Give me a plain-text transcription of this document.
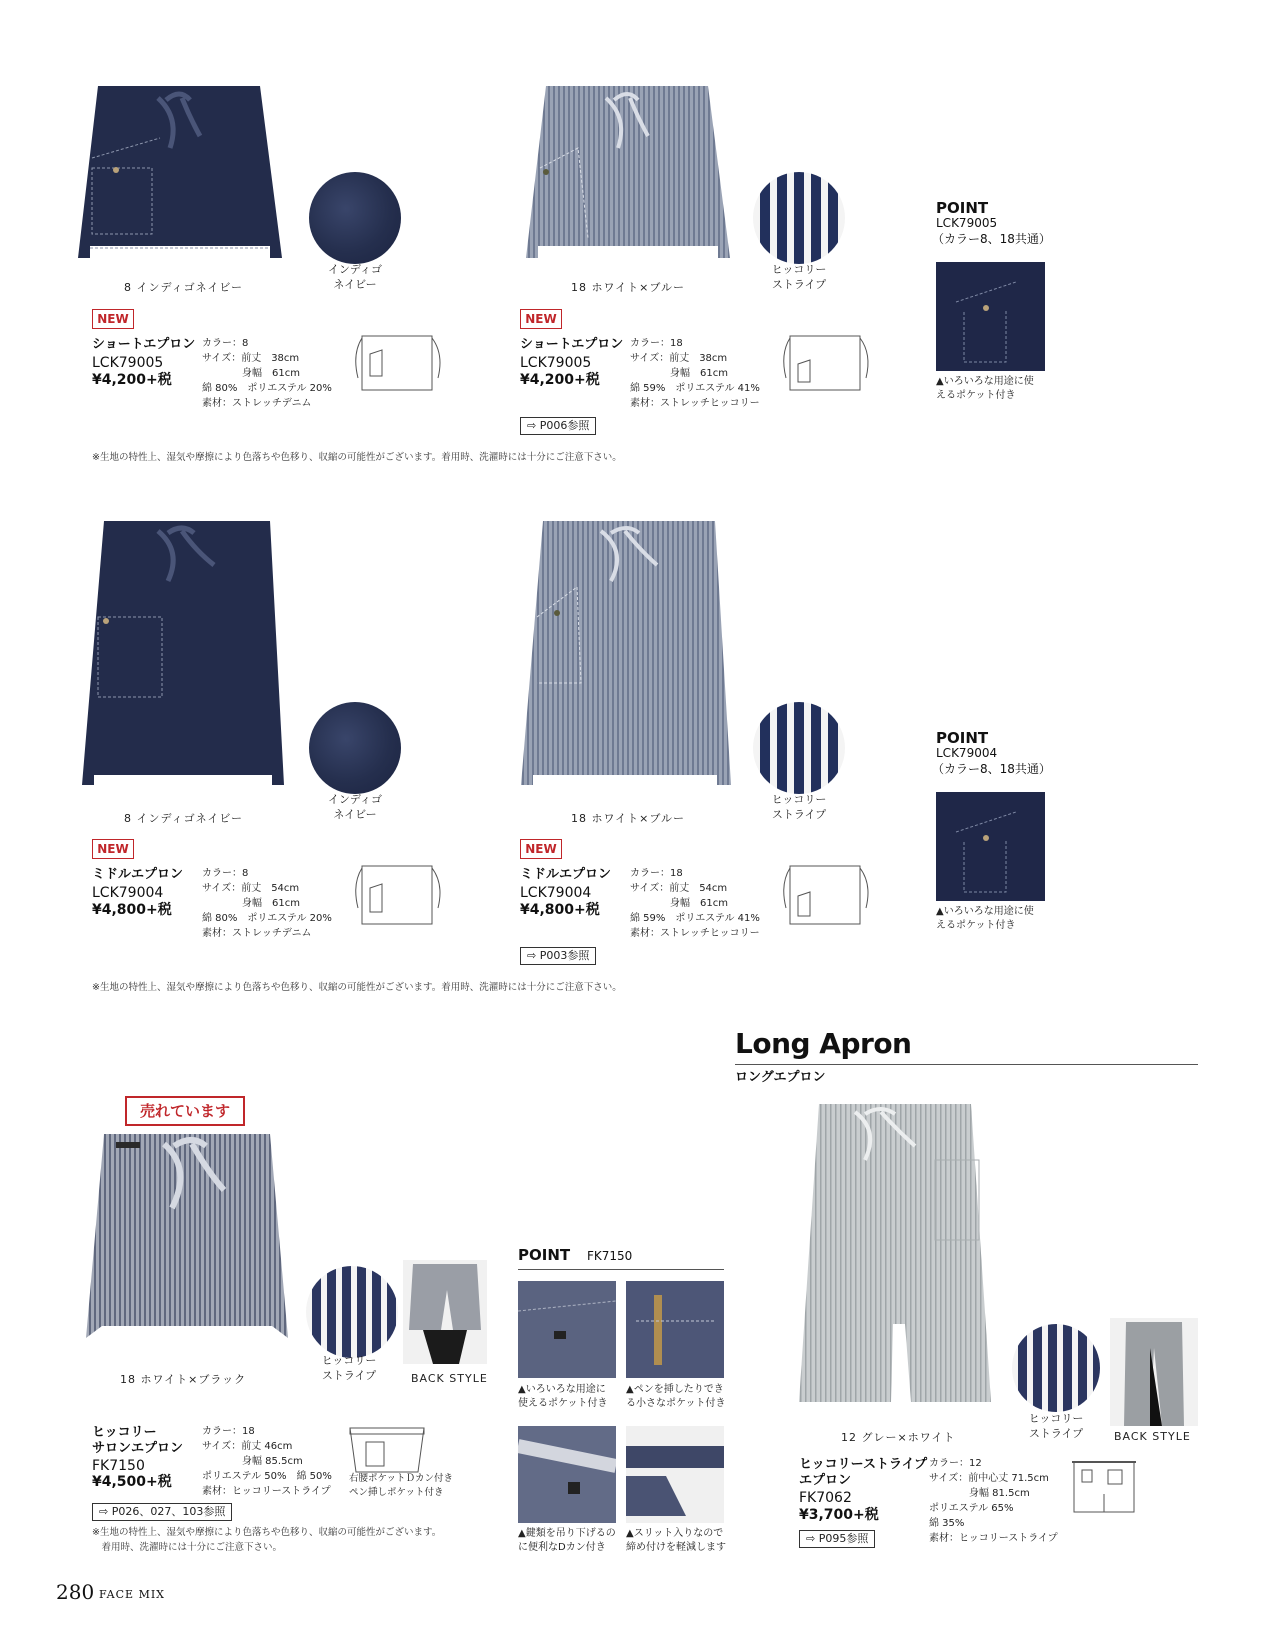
インディゴ
ネイビー
8 インディゴネイビー
NEW
ショートエプロン
LCK79005
¥4,200+税
カラー：8
サイズ：前丈　38cm
　　　　身幅　61cm
綿 80%　ポリエステル 20%
素材：ストレッチデニム
ヒッコリー
ストライプ
18 ホワイト×ブルー
NEW
ショートエプロン
LCK79005
¥4,200+税
カラー：18
サイズ：前丈　38cm
　　　　身幅　61cm
綿 59%　ポリエステル 41%
素材：ストレッチヒッコリー
⇨ P006参照
POINT
LCK79005
（カラー8、18共通）
▲いろいろな用途に使
えるポケット付き
※生地の特性上、湿気や摩擦により色落ちや色移り、収縮の可能性がございます。着用時、洗濯時には十分にご注意下さい。
インディゴ
ネイビー
8 インディゴネイビー
NEW
ミドルエプロン
LCK79004
¥4,800+税
カラー：8
サイズ：前丈　54cm
　　　　身幅　61cm
綿 80%　ポリエステル 20%
素材：ストレッチデニム
ヒッコリー
ストライプ
18 ホワイト×ブルー
NEW
ミドルエプロン
LCK79004
¥4,800+税
カラー：18
サイズ：前丈　54cm
　　　　身幅　61cm
綿 59%　ポリエステル 41%
素材：ストレッチヒッコリー
⇨ P003参照
POINT
LCK79004
（カラー8、18共通）
▲いろいろな用途に使
えるポケット付き
※生地の特性上、湿気や摩擦により色落ちや色移り、収縮の可能性がございます。着用時、洗濯時には十分にご注意下さい。
売れています
ヒッコリー
ストライプ	BACK STYLE
18 ホワイト×ブラック
ヒッコリー
サロンエプロン
FK7150
¥4,500+税
カラー：18
サイズ：前丈 46cm
　　　　身幅 85.5cm
ポリエステル 50%　綿 50%
素材：ヒッコリーストライプ
右腰ポケットＤカン付き
ペン挿しポケット付き
⇨ P026、027、103参照
※生地の特性上、湿気や摩擦により色落ちや色移り、収縮の可能性がございます。
　着用時、洗濯時には十分にご注意下さい。
POINT FK7150
▲いろいろな用途に
使えるポケット付き
▲ペンを挿したりでき
る小さなポケット付き
▲鍵類を吊り下げるの
に便利なDカン付き
▲スリット入りなので
締め付けを軽減します
Long Apron
ロングエプロン
ヒッコリー
ストライプ	BACK STYLE
12 グレー×ホワイト
ヒッコリーストライプ
エプロン
FK7062
¥3,700+税
カラー：12
サイズ：前中心丈 71.5cm
　　　　身幅 81.5cm
ポリエステル 65%
綿 35%
素材：ヒッコリーストライプ
⇨ P095参照
280 FACE MIX
